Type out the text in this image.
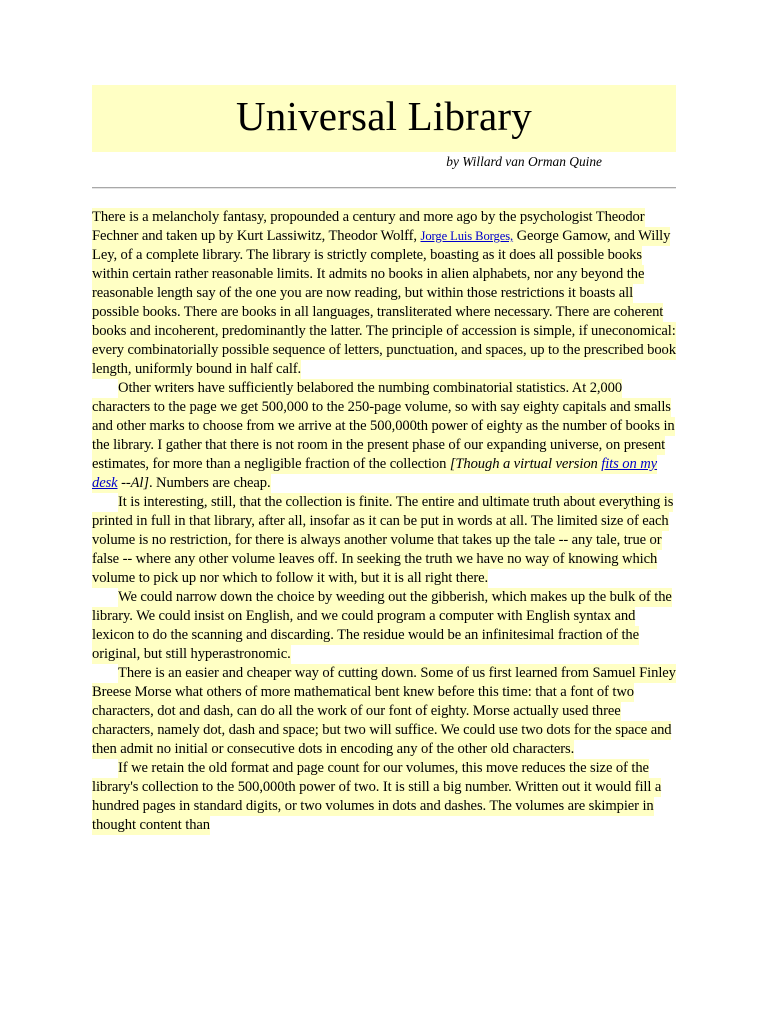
Universal Library

by Willard van Orman Quine

There is a melancholy fantasy, propounded a century and more ago by the psychologist Theodor Fechner and taken up by Kurt Lassiwitz, Theodor Wolff, Jorge Luis Borges, George Gamow, and Willy Ley, of a complete library. The library is strictly complete, boasting as it does all possible books within certain rather reasonable limits. It admits no books in alien alphabets, nor any beyond the reasonable length say of the one you are now reading, but within those restrictions it boasts all possible books. There are books in all languages, transliterated where necessary. There are coherent books and incoherent, predominantly the latter. The principle of accession is simple, if uneconomical: every combinatorially possible sequence of letters, punctuation, and spaces, up to the prescribed book length, uniformly bound in half calf.

Other writers have sufficiently belabored the numbing combinatorial statistics. At 2,000 characters to the page we get 500,000 to the 250-page volume, so with say eighty capitals and smalls and other marks to choose from we arrive at the 500,000th power of eighty as the number of books in the library. I gather that there is not room in the present phase of our expanding universe, on present estimates, for more than a negligible fraction of the collection [Though a virtual version fits on my desk --Al]. Numbers are cheap.

It is interesting, still, that the collection is finite. The entire and ultimate truth about everything is printed in full in that library, after all, insofar as it can be put in words at all. The limited size of each volume is no restriction, for there is always another volume that takes up the tale -- any tale, true or false -- where any other volume leaves off. In seeking the truth we have no way of knowing which volume to pick up nor which to follow it with, but it is all right there.

We could narrow down the choice by weeding out the gibberish, which makes up the bulk of the library. We could insist on English, and we could program a computer with English syntax and lexicon to do the scanning and discarding. The residue would be an infinitesimal fraction of the original, but still hyperastronomic.

There is an easier and cheaper way of cutting down. Some of us first learned from Samuel Finley Breese Morse what others of more mathematical bent knew before this time: that a font of two characters, dot and dash, can do all the work of our font of eighty. Morse actually used three characters, namely dot, dash and space; but two will suffice. We could use two dots for the space and then admit no initial or consecutive dots in encoding any of the other old characters.

If we retain the old format and page count for our volumes, this move reduces the size of the library's collection to the 500,000th power of two. It is still a big number. Written out it would fill a hundred pages in standard digits, or two volumes in dots and dashes. The volumes are skimpier in thought content than
